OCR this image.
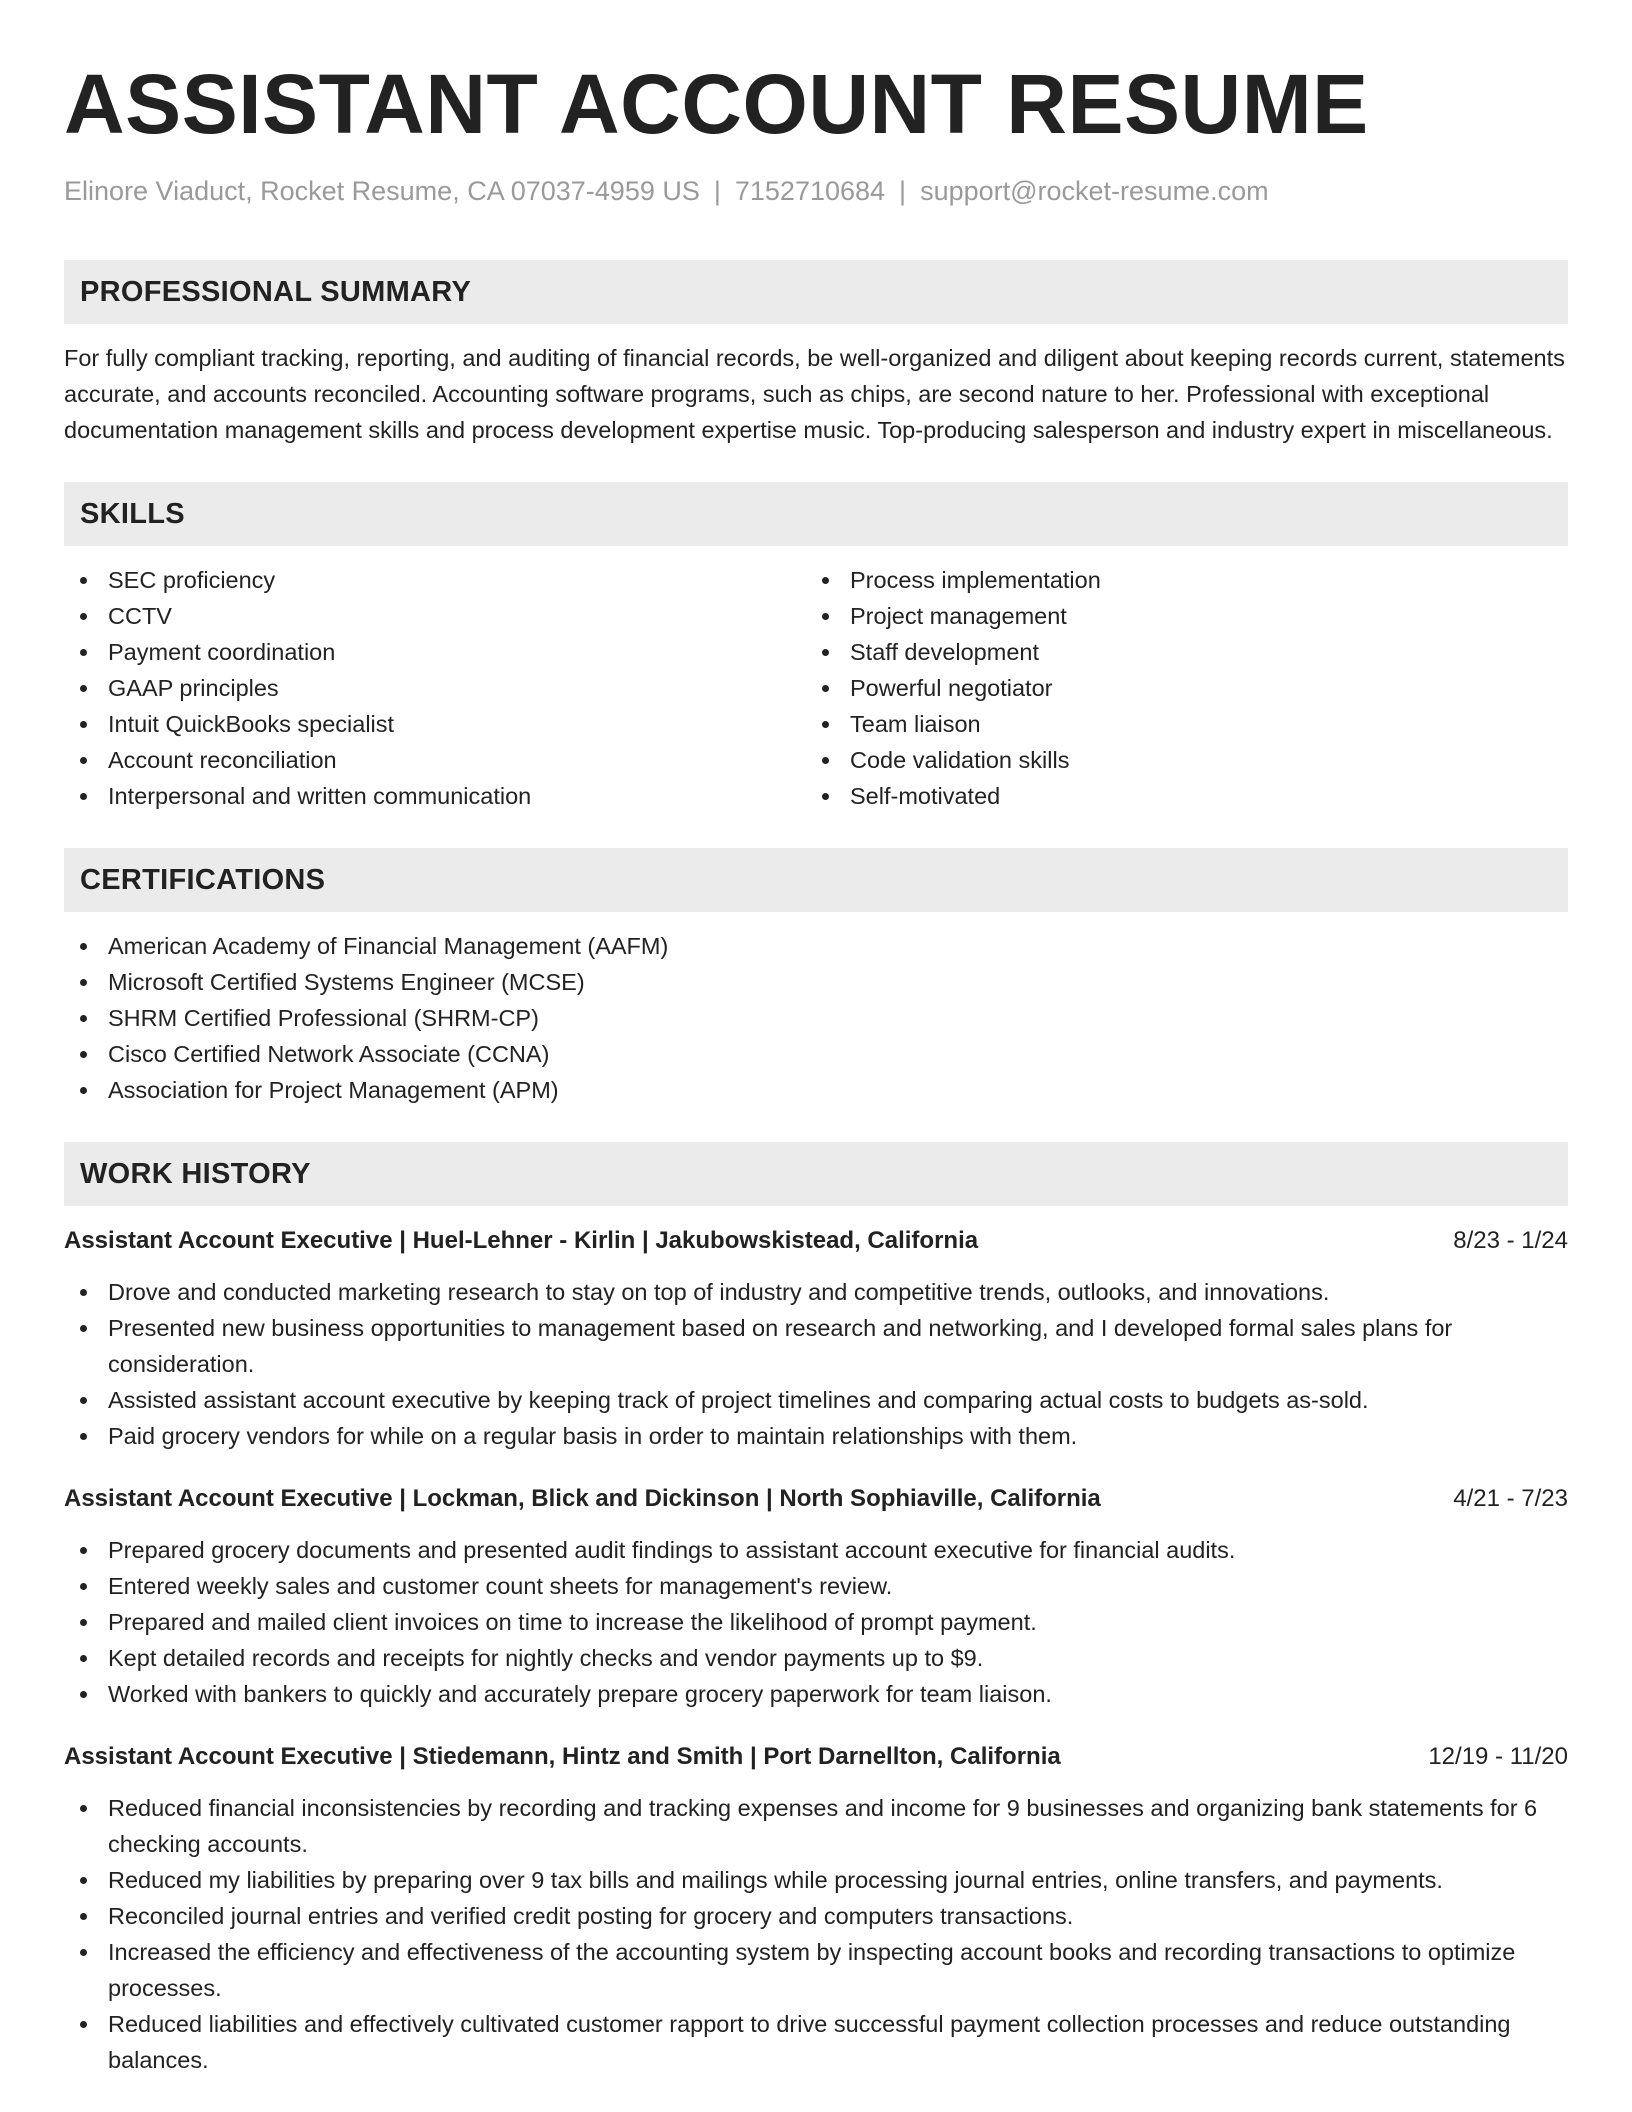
ASSISTANT ACCOUNT RESUME
Elinore Viaduct, Rocket Resume, CA 07037-4959 US | 7152710684 | support@rocket-resume.com
PROFESSIONAL SUMMARY

For fully compliant tracking, reporting, and auditing of financial records, be well-organized and diligent about keeping records current, statements accurate, and accounts reconciled. Accounting software programs, such as chips, are second nature to her. Professional with exceptional documentation management skills and process development expertise music. Top-producing salesperson and industry expert in miscellaneous.

SKILLS
SEC proficiency
CCTV
Payment coordination
GAAP principles
Intuit QuickBooks specialist
Account reconciliation
Interpersonal and written communication
Process implementation
Project management
Staff development
Powerful negotiator
Team liaison
Code validation skills
Self-motivated
CERTIFICATIONS
American Academy of Financial Management (AAFM)
Microsoft Certified Systems Engineer (MCSE)
SHRM Certified Professional (SHRM-CP)
Cisco Certified Network Associate (CCNA)
Association for Project Management (APM)
WORK HISTORY
Assistant Account Executive | Huel-Lehner - Kirlin | Jakubowskistead, California	8/23 - 1/24
Drove and conducted marketing research to stay on top of industry and competitive trends, outlooks, and innovations.
Presented new business opportunities to management based on research and networking, and I developed formal sales plans for consideration.
Assisted assistant account executive by keeping track of project timelines and comparing actual costs to budgets as-sold.
Paid grocery vendors for while on a regular basis in order to maintain relationships with them.
Assistant Account Executive | Lockman, Blick and Dickinson | North Sophiaville, California	4/21 - 7/23
Prepared grocery documents and presented audit findings to assistant account executive for financial audits.
Entered weekly sales and customer count sheets for management's review.
Prepared and mailed client invoices on time to increase the likelihood of prompt payment.
Kept detailed records and receipts for nightly checks and vendor payments up to $9.
Worked with bankers to quickly and accurately prepare grocery paperwork for team liaison.
Assistant Account Executive | Stiedemann, Hintz and Smith | Port Darnellton, California	12/19 - 11/20
Reduced financial inconsistencies by recording and tracking expenses and income for 9 businesses and organizing bank statements for 6 checking accounts.
Reduced my liabilities by preparing over 9 tax bills and mailings while processing journal entries, online transfers, and payments.
Reconciled journal entries and verified credit posting for grocery and computers transactions.
Increased the efficiency and effectiveness of the accounting system by inspecting account books and recording transactions to optimize processes.
Reduced liabilities and effectively cultivated customer rapport to drive successful payment collection processes and reduce outstanding balances.
